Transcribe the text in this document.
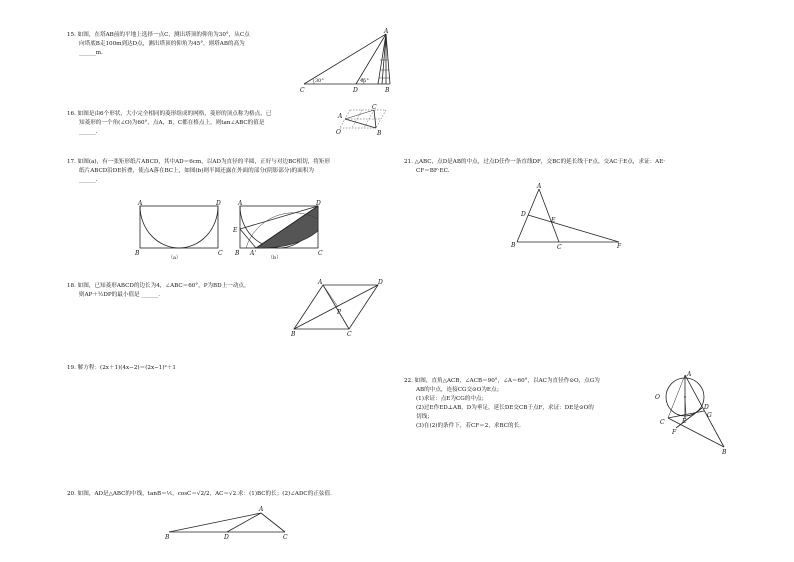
15. 如图，在塔AB前的平地上选择一点C，测出塔顶的仰角为30°，从C点
向塔底B走100m到达D点，测出塔顶的仰角为45°，则塔AB的高为
______m.
A
C	D	B
30°	45°
16. 如图是由6个形状，大小完全相同的菱形组成的网格，菱形的顶点称为格点，已
知菱形的一个角(∠O)为60°，点A，B，C都在格点上，则tan∠ABC的值是
______.
A
C
O	B
17. 如图(a)，有一张矩形纸片ABCD，其中AD＝6cm，以AD为直径的半圆，正好与对边BC相切，将矩形
纸片ABCD沿DE折叠，使点A落在BC上，如图(b)则半圆还露在外面的部分(阴影部分)的面积为
______.
A	D
B	C
（a）
A	D
E
B A'	C
（b）
18. 如图，已知菱形ABCD的边长为4，∠ABC＝60°，P为BD上一动点，
则AP＋½DP的最小值是 ______.
A	D
P
B	C
19. 解方程：(2x＋1)(4x−2)＝(2x−1)²＋1
20. 如图，AD是△ABC的中线，tanB＝⅕，cosC＝√2/2，AC＝√2.求：(1)BC的长；(2)∠ADC的正弦值.
A
B	D	C
21. △ABC，点D是AB的中点，过点D任作一条直线DF，交BC的延长线于F点，交AC于E点，求证：AE·
CF＝BF·EC.
A
D
E
B	C	F
22. 如图，直角△ACB，∠ACB＝90°，∠A＝60°，以AC为直径作⊙O，点G为
AB的中点，连接CG交⊙O为E点；
(1)求证：点E为CG的中点；
(2)过E作ED⊥AB，D为垂足，延长DE交CB于点F，求证：DE是⊙O的
切线；
(3)在(2)的条件下，若CF＝2，求BC的长.
A
O
D
G
C	E
F
B
